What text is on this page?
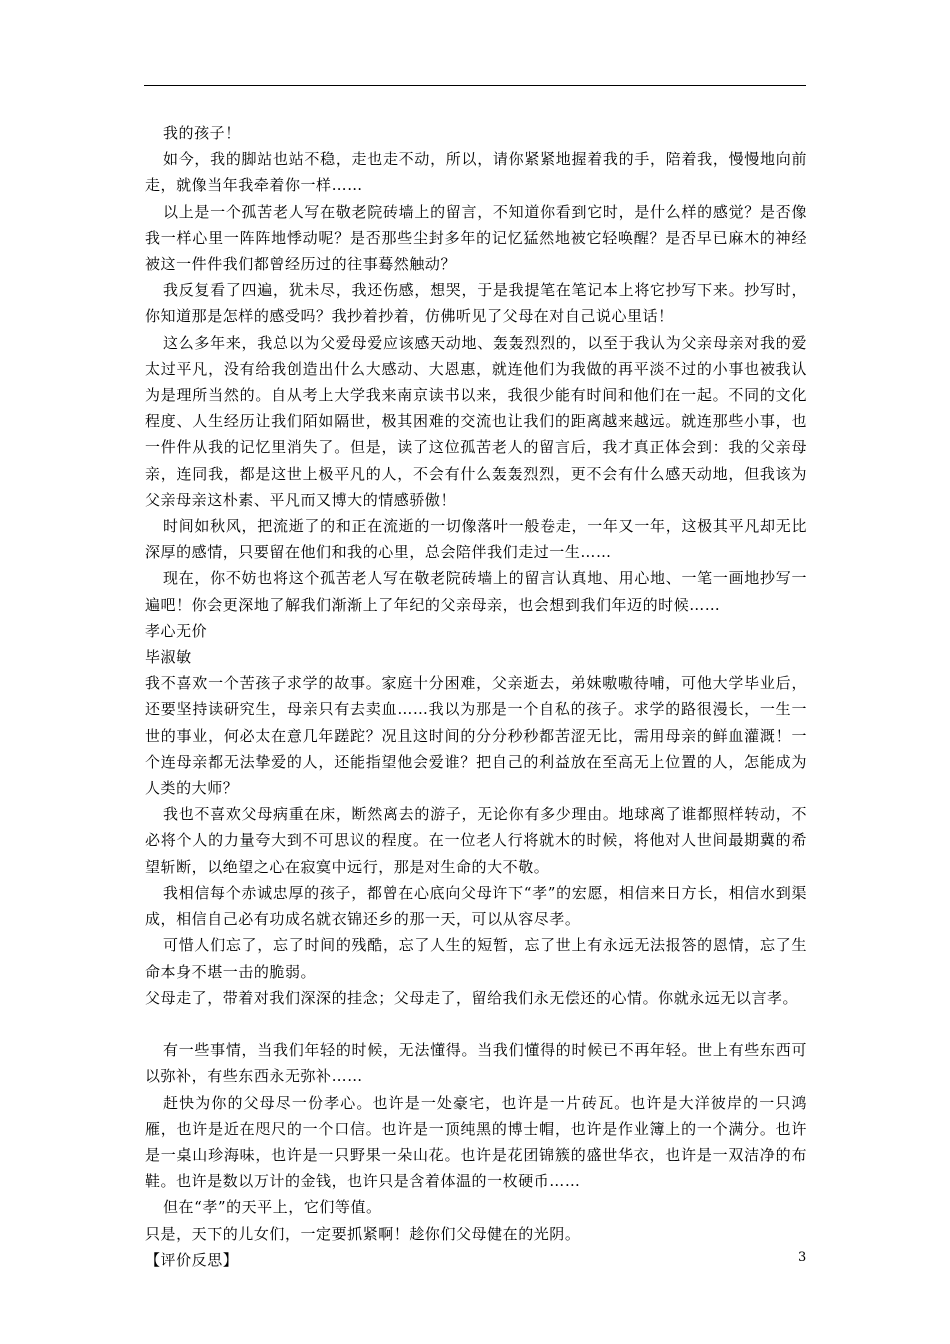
我的孩子！

如今，我的脚站也站不稳，走也走不动，所以，请你紧紧地握着我的手，陪着我，慢慢地向前走，就像当年我牵着你一样……

以上是一个孤苦老人写在敬老院砖墙上的留言，不知道你看到它时，是什么样的感觉？是否像我一样心里一阵阵地悸动呢？是否那些尘封多年的记忆猛然地被它轻唤醒？是否早已麻木的神经被这一件件我们都曾经历过的往事蓦然触动？

我反复看了四遍，犹未尽，我还伤感，想哭，于是我提笔在笔记本上将它抄写下来。抄写时，你知道那是怎样的感受吗？我抄着抄着，仿佛听见了父母在对自己说心里话！

这么多年来，我总以为父爱母爱应该感天动地、轰轰烈烈的，以至于我认为父亲母亲对我的爱太过平凡，没有给我创造出什么大感动、大恩惠，就连他们为我做的再平淡不过的小事也被我认为是理所当然的。自从考上大学我来南京读书以来，我很少能有时间和他们在一起。不同的文化程度、人生经历让我们陌如隔世，极其困难的交流也让我们的距离越来越远。就连那些小事，也一件件从我的记忆里消失了。但是，读了这位孤苦老人的留言后，我才真正体会到：我的父亲母亲，连同我，都是这世上极平凡的人，不会有什么轰轰烈烈，更不会有什么感天动地，但我该为父亲母亲这朴素、平凡而又博大的情感骄傲！

时间如秋风，把流逝了的和正在流逝的一切像落叶一般卷走，一年又一年，这极其平凡却无比深厚的感情，只要留在他们和我的心里，总会陪伴我们走过一生……

现在，你不妨也将这个孤苦老人写在敬老院砖墙上的留言认真地、用心地、一笔一画地抄写一遍吧！你会更深地了解我们渐渐上了年纪的父亲母亲，也会想到我们年迈的时候……

孝心无价

毕淑敏

我不喜欢一个苦孩子求学的故事。家庭十分困难，父亲逝去，弟妹嗷嗷待哺，可他大学毕业后，还要坚持读研究生，母亲只有去卖血……我以为那是一个自私的孩子。求学的路很漫长，一生一世的事业，何必太在意几年蹉跎？况且这时间的分分秒秒都苦涩无比，需用母亲的鲜血灌溉！一个连母亲都无法挚爱的人，还能指望他会爱谁？把自己的利益放在至高无上位置的人，怎能成为人类的大师？

我也不喜欢父母病重在床，断然离去的游子，无论你有多少理由。地球离了谁都照样转动，不必将个人的力量夸大到不可思议的程度。在一位老人行将就木的时候，将他对人世间最期冀的希望斩断，以绝望之心在寂寞中远行，那是对生命的大不敬。

我相信每个赤诚忠厚的孩子，都曾在心底向父母许下“孝”的宏愿，相信来日方长，相信水到渠成，相信自己必有功成名就衣锦还乡的那一天，可以从容尽孝。

可惜人们忘了，忘了时间的残酷，忘了人生的短暂，忘了世上有永远无法报答的恩情，忘了生命本身不堪一击的脆弱。

父母走了，带着对我们深深的挂念；父母走了，留给我们永无偿还的心情。你就永远无以言孝。

有一些事情，当我们年轻的时候，无法懂得。当我们懂得的时候已不再年轻。世上有些东西可以弥补，有些东西永无弥补……

赶快为你的父母尽一份孝心。也许是一处豪宅，也许是一片砖瓦。也许是大洋彼岸的一只鸿雁，也许是近在咫尺的一个口信。也许是一顶纯黑的博士帽，也许是作业簿上的一个满分。也许是一桌山珍海味，也许是一只野果一朵山花。也许是花团锦簇的盛世华衣，也许是一双洁净的布鞋。也许是数以万计的金钱，也许只是含着体温的一枚硬币……

但在“孝”的天平上，它们等值。

只是，天下的儿女们，一定要抓紧啊！趁你们父母健在的光阴。

【评价反思】	3
